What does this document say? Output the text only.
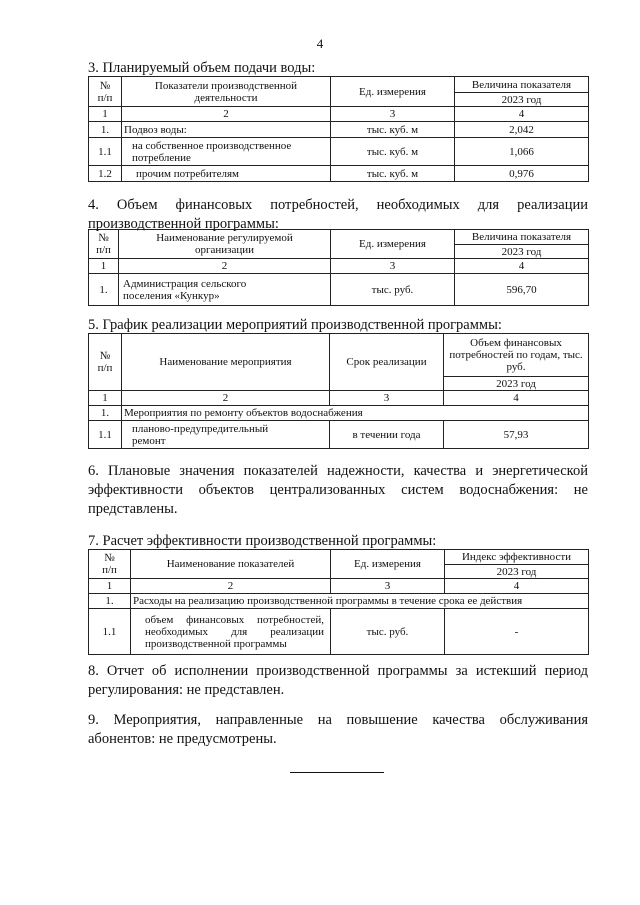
4
3. Планируемый объем подачи воды:
№
п/п	Показатели производственной
деятельности	Ед. измерения	Величина показателя
			2023 год
1	2	3	4
1.	Подвоз воды:	тыс. куб. м	2,042
1.1	на собственное производственное
потребление	тыс. куб. м	1,066
1.2	прочим потребителям	тыс. куб. м	0,976
4. Объем финансовых потребностей, необходимых для реализации производственной программы:
№
п/п	Наименование регулируемой
организации	Ед. измерения	Величина показателя
			2023 год
1	2	3	4
1.	Администрация сельского
поселения «Кункур»	тыс. руб.	596,70
5. График реализации мероприятий производственной программы:
№
п/п	Наименование мероприятия	Срок реализации	Объем финансовых потребностей по годам, тыс. руб.
			2023 год
1	2	3	4
1.	Мероприятия по ремонту объектов водоснабжения		
1.1	планово-предупредительный
ремонт	в течении года	57,93
6. Плановые значения показателей надежности, качества и энергетической эффективности объектов централизованных систем водоснабжения: не представлены.
7. Расчет эффективности производственной программы:
№
п/п	Наименование показателей	Ед. измерения	Индекс эффективности
			2023 год
1	2	3	4
1.	Расходы на реализацию производственной программы в течение срока ее действия		
1.1	объем финансовых потребностей, необходимых для реализации производственной программы	тыс. руб.	-
8. Отчет об исполнении производственной программы за истекший период регулирования: не представлен.
9. Мероприятия, направленные на повышение качества обслуживания абонентов: не предусмотрены.
